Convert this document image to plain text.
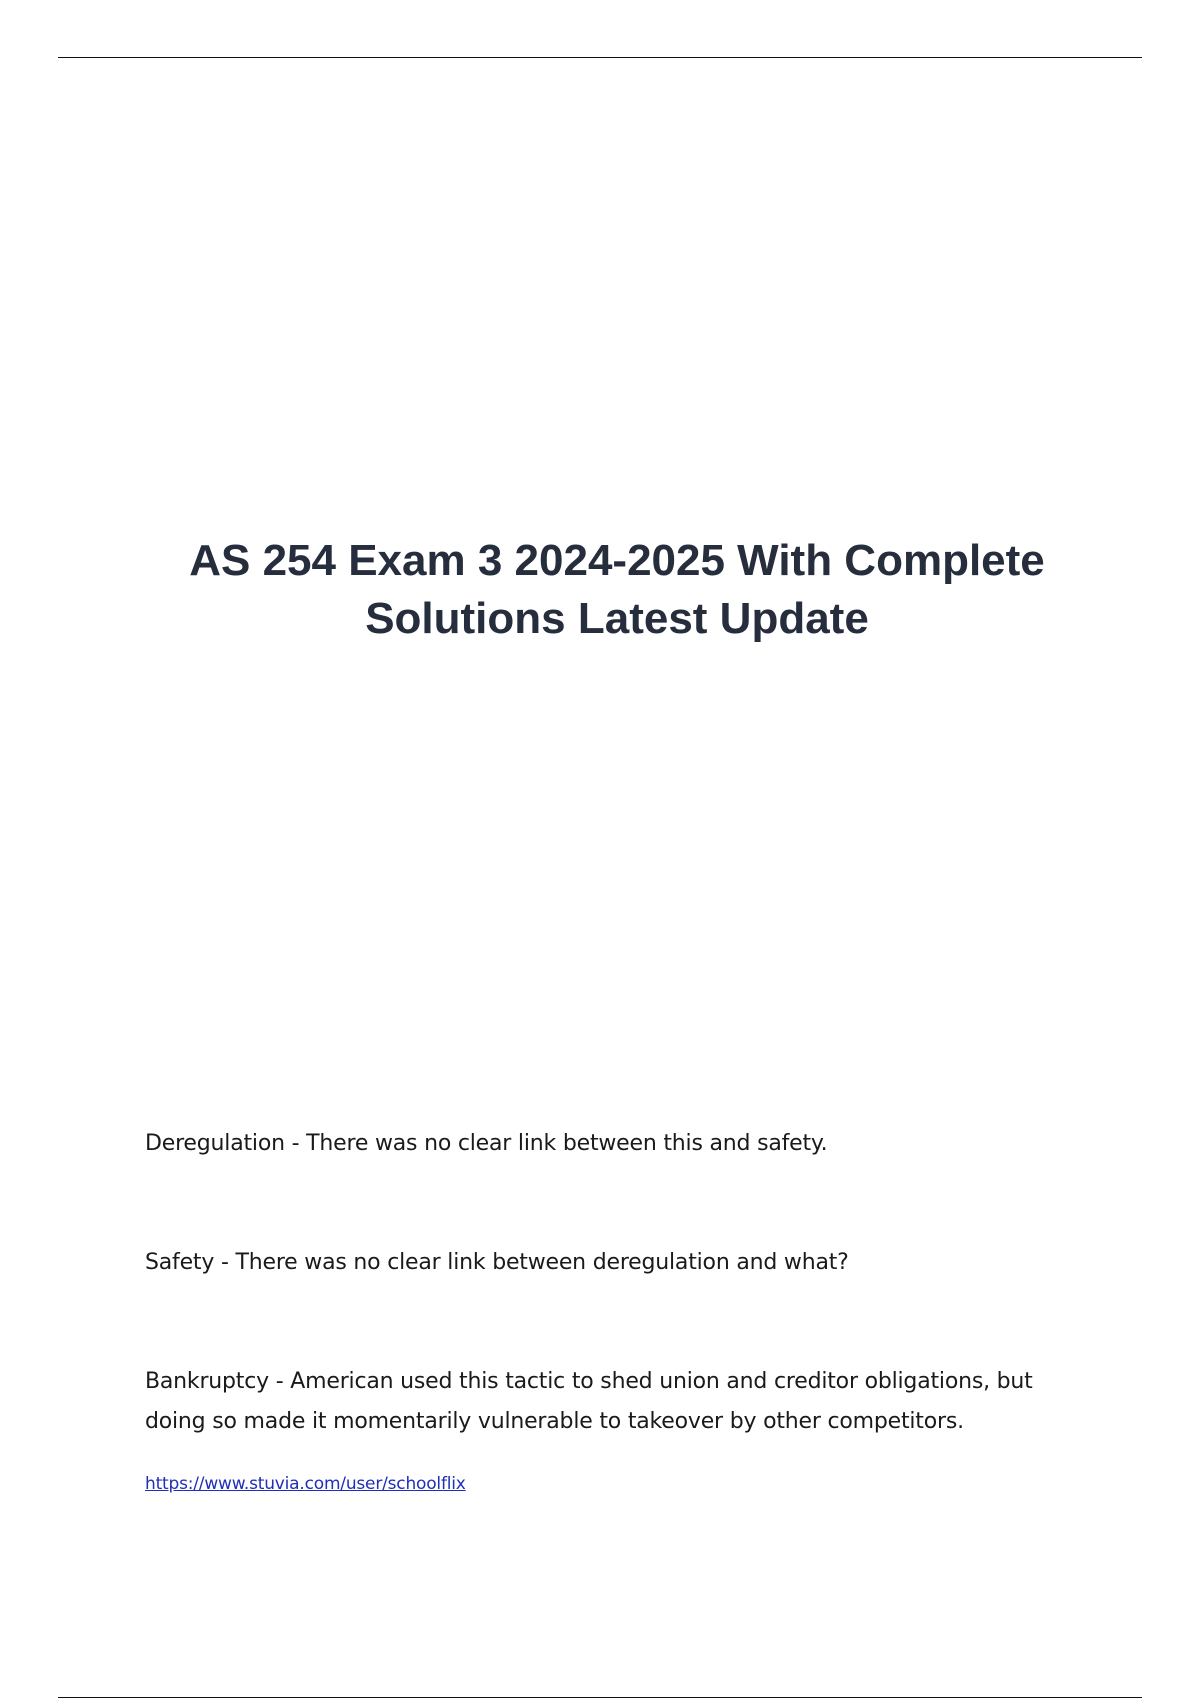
AS 254 Exam 3 2024-2025 With Complete
Solutions Latest Update

Deregulation - There was no clear link between this and safety.

Safety - There was no clear link between deregulation and what?

Bankruptcy - American used this tactic to shed union and creditor obligations, but doing so made it momentarily vulnerable to takeover by other competitors.

https://www.stuvia.com/user/schoolflix
